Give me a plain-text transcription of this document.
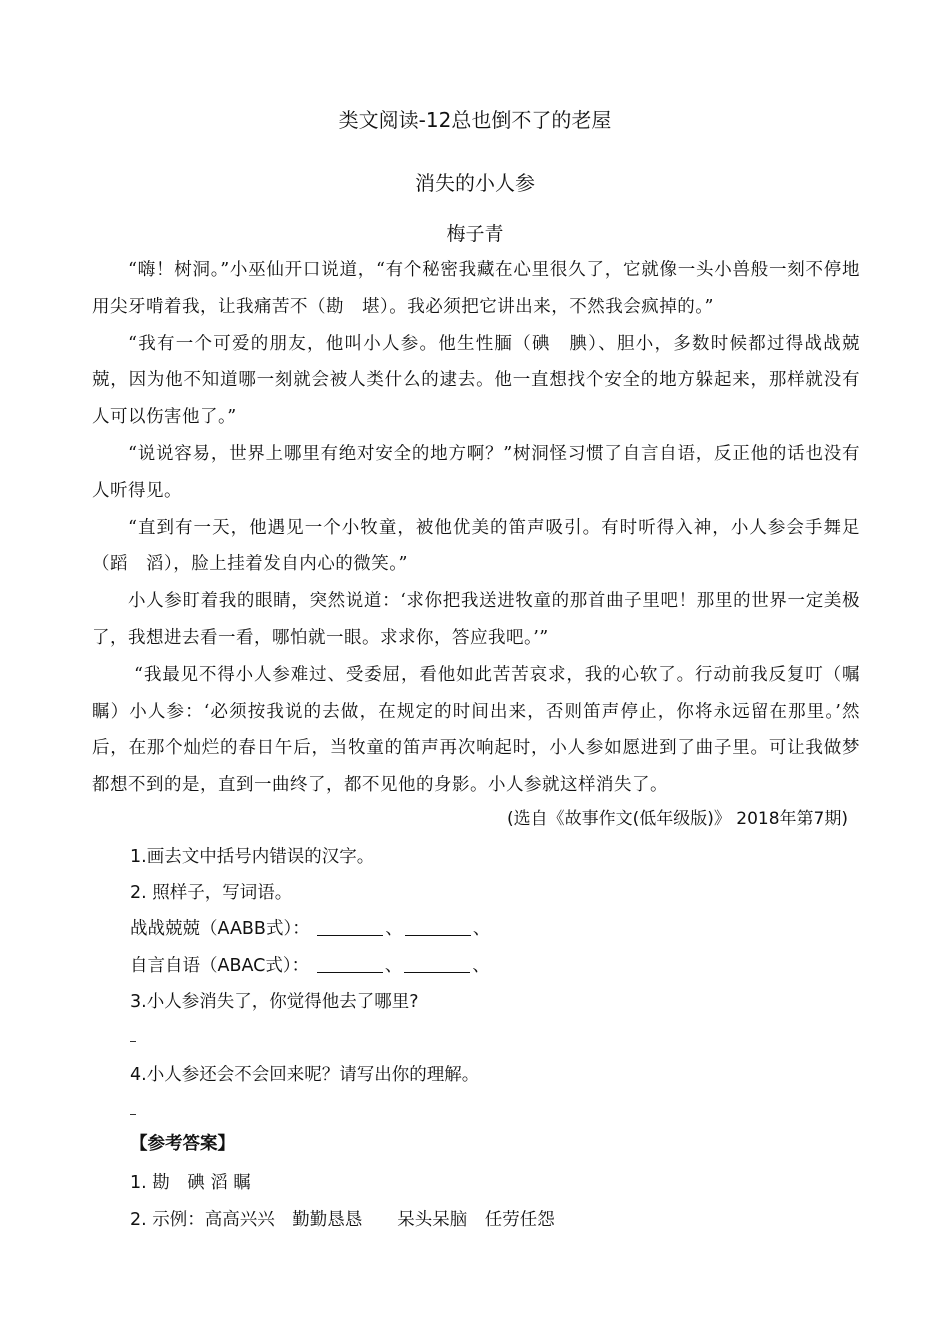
类文阅读-12总也倒不了的老屋
消失的小人参
梅子青

“嗨！树洞。”小巫仙开口说道，“有个秘密我藏在心里很久了，它就像一头小兽般一刻不停地用尖牙啃着我，让我痛苦不（勘　堪）。我必须把它讲出来，不然我会疯掉的。”

“我有一个可爱的朋友，他叫小人参。他生性腼（碘　腆）、胆小，多数时候都过得战战兢兢，因为他不知道哪一刻就会被人类什么的逮去。他一直想找个安全的地方躲起来，那样就没有人可以伤害他了。”

“说说容易，世界上哪里有绝对安全的地方啊？”树洞怪习惯了自言自语，反正他的话也没有人听得见。

“直到有一天，他遇见一个小牧童，被他优美的笛声吸引。有时听得入神，小人参会手舞足（蹈　滔），脸上挂着发自内心的微笑。”

小人参盯着我的眼睛，突然说道：‘求你把我送进牧童的那首曲子里吧！那里的世界一定美极了，我想进去看一看，哪怕就一眼。求求你，答应我吧。’”

“我最见不得小人参难过、受委屈，看他如此苦苦哀求，我的心软了。行动前我反复叮（嘱　瞩）小人参：‘必须按我说的去做，在规定的时间出来，否则笛声停止，你将永远留在那里。’然后，在那个灿烂的春日午后，当牧童的笛声再次响起时，小人参如愿进到了曲子里。可让我做梦都想不到的是，直到一曲终了，都不见他的身影。小人参就这样消失了。

(选自《故事作文(低年级版)》 2018年第7期)
1.画去文中括号内错误的汉字。
2. 照样子，写词语。
战战兢兢（AABB式）：	、	、
自言自语（ABAC式）：	、	、
3.小人参消失了，你觉得他去了哪里?
4.小人参还会不会回来呢？请写出你的理解。
【参考答案】
1. 勘　碘 滔 瞩
2. 示例：高高兴兴　勤勤恳恳　　呆头呆脑　任劳任怨
